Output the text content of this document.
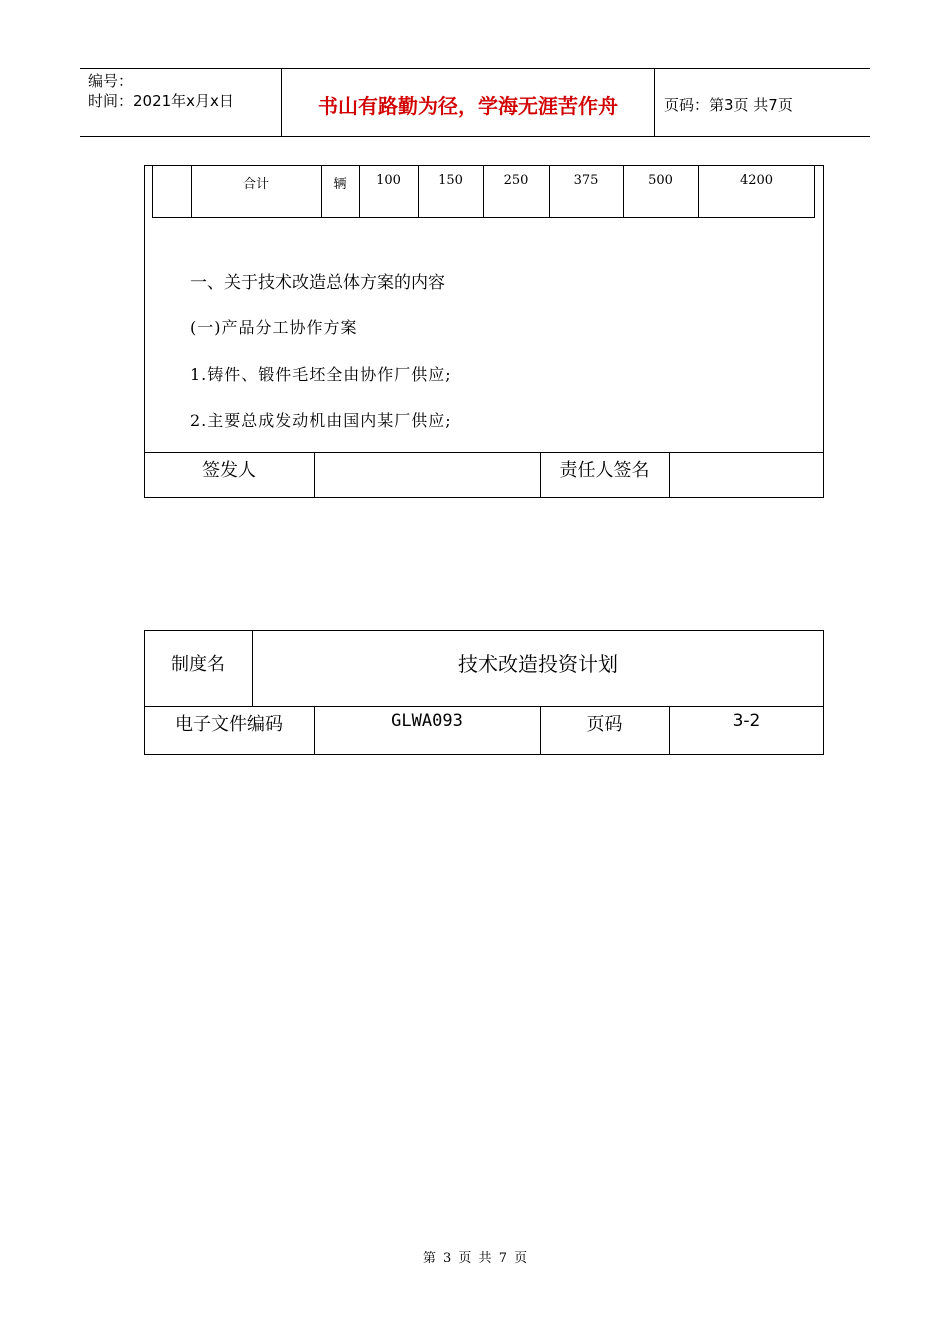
编号：
时间：2021年x月x日	书山有路勤为径，学海无涯苦作舟	页码：第3页 共7页
合计	辆	100	150	250	375	500	4200
一、关于技术改造总体方案的内容
(一)产品分工协作方案
1.铸件、锻件毛坯全由协作厂供应;
2.主要总成发动机由国内某厂供应;
签发人	责任人签名
制度名	技术改造投资计划
电子文件编码	GLWA093	页码	3-2
第 3 页 共 7 页
